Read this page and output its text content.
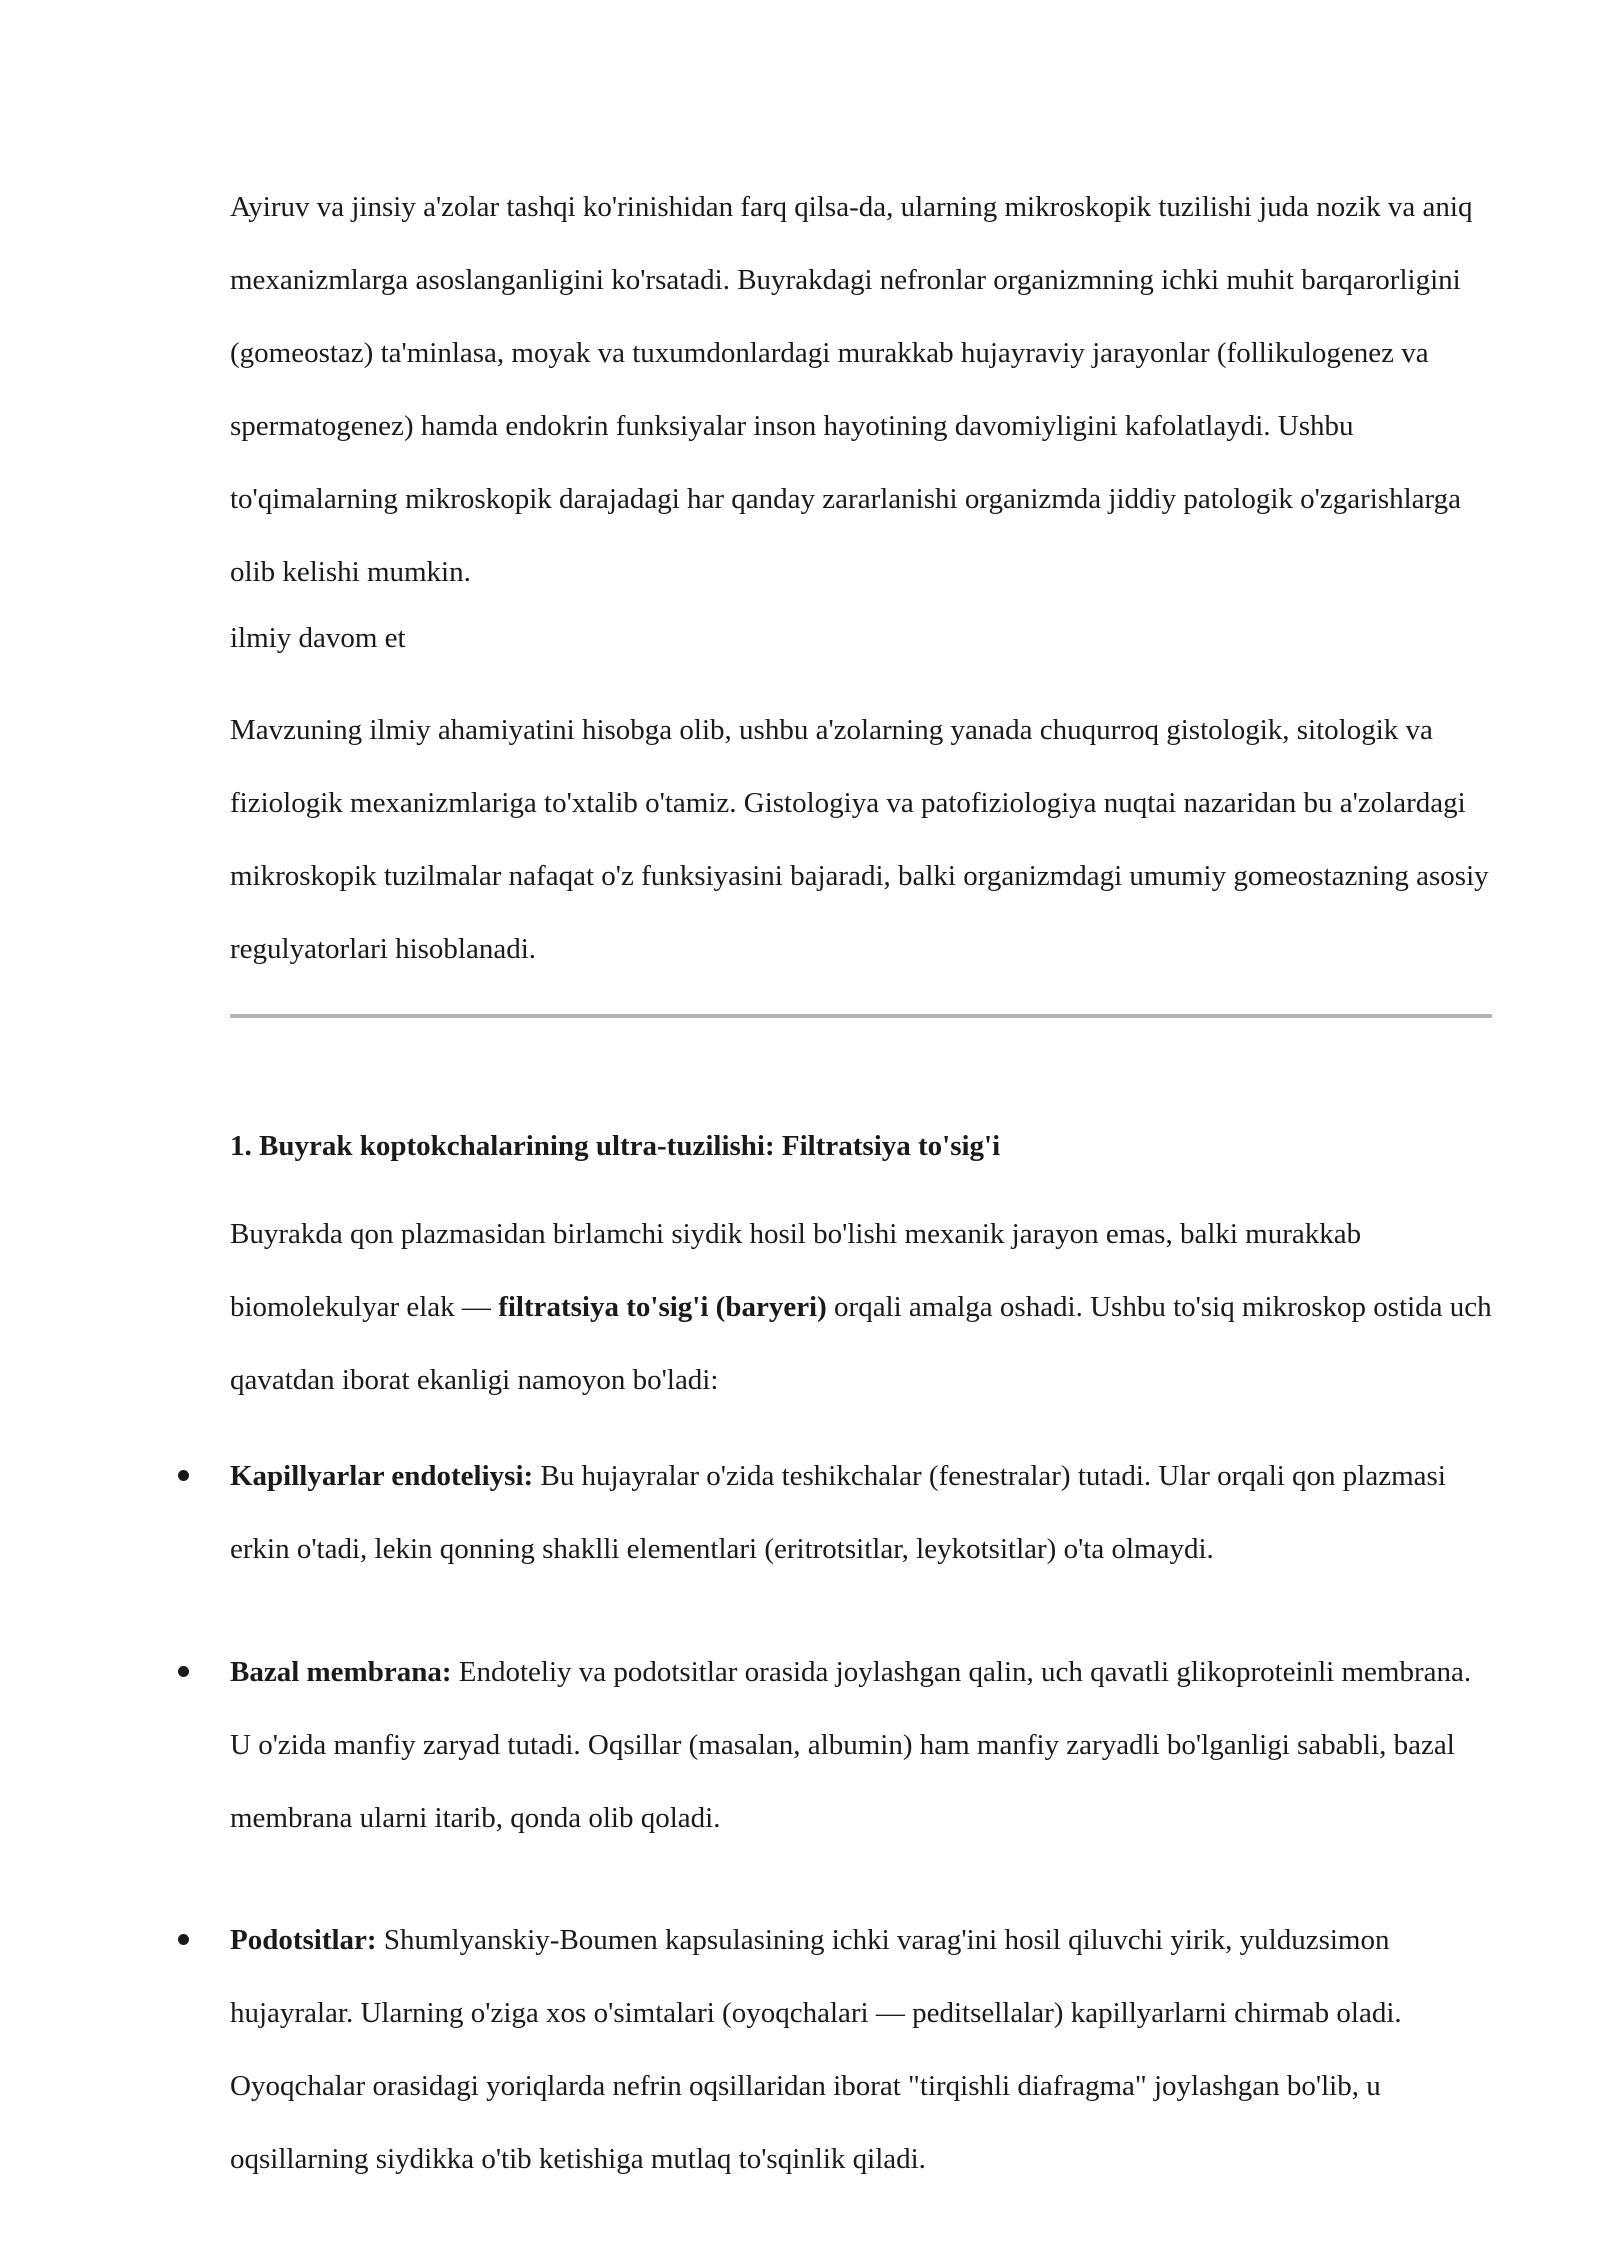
Ayiruv va jinsiy a'zolar tashqi ko'rinishidan farq qilsa-da, ularning mikroskopik tuzilishi juda nozik va aniq mexanizmlarga asoslanganligini ko'rsatadi. Buyrakdagi nefronlar organizmning ichki muhit barqarorligini (gomeostaz) ta'minlasa, moyak va tuxumdonlardagi murakkab hujayraviy jarayonlar (follikulogenez va spermatogenez) hamda endokrin funksiyalar inson hayotining davomiyligini kafolatlaydi. Ushbu to'qimalarning mikroskopik darajadagi har qanday zararlanishi organizmda jiddiy patologik o'zgarishlarga olib kelishi mumkin.

ilmiy davom et

Mavzuning ilmiy ahamiyatini hisobga olib, ushbu a'zolarning yanada chuqurroq gistologik, sitologik va fiziologik mexanizmlariga to'xtalib o'tamiz. Gistologiya va patofiziologiya nuqtai nazaridan bu a'zolardagi mikroskopik tuzilmalar nafaqat o'z funksiyasini bajaradi, balki organizmdagi umumiy gomeostazning asosiy regulyatorlari hisoblanadi.

1. Buyrak koptokchalarining ultra-tuzilishi: Filtratsiya to'sig'i

Buyrakda qon plazmasidan birlamchi siydik hosil bo'lishi mexanik jarayon emas, balki murakkab biomolekulyar elak — filtratsiya to'sig'i (baryeri) orqali amalga oshadi. Ushbu to'siq mikroskop ostida uch qavatdan iborat ekanligi namoyon bo'ladi:

Kapillyarlar endoteliysi: Bu hujayralar o'zida teshikchalar (fenestralar) tutadi. Ular orqali qon plazmasi erkin o'tadi, lekin qonning shaklli elementlari (eritrotsitlar, leykotsitlar) o'ta olmaydi.
Bazal membrana: Endoteliy va podotsitlar orasida joylashgan qalin, uch qavatli glikoproteinli membrana. U o'zida manfiy zaryad tutadi. Oqsillar (masalan, albumin) ham manfiy zaryadli bo'lganligi sababli, bazal membrana ularni itarib, qonda olib qoladi.
Podotsitlar: Shumlyanskiy-Boumen kapsulasining ichki varag'ini hosil qiluvchi yirik, yulduzsimon hujayralar. Ularning o'ziga xos o'simtalari (oyoqchalari — peditsellalar) kapillyarlarni chirmab oladi. Oyoqchalar orasidagi yoriqlarda nefrin oqsillaridan iborat "tirqishli diafragma" joylashgan bo'lib, u oqsillarning siydikka o'tib ketishiga mutlaq to'sqinlik qiladi.
